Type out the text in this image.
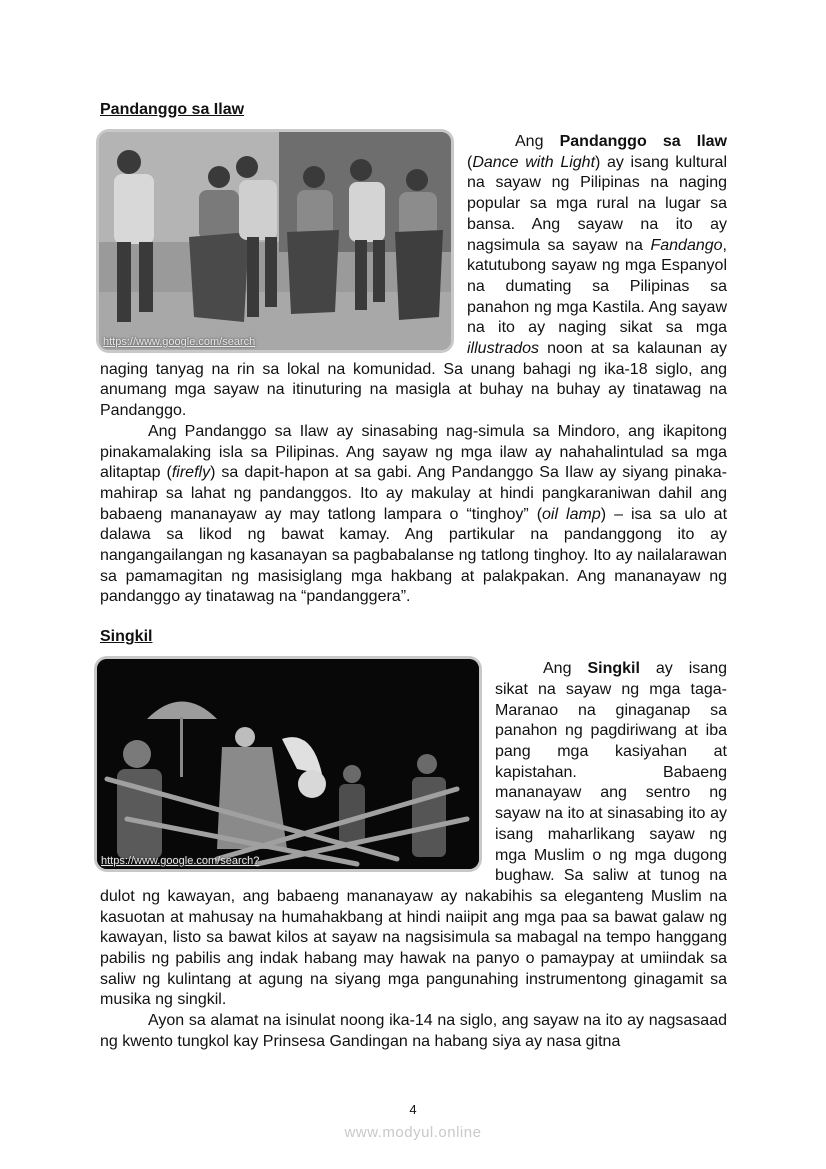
Pandanggo sa Ilaw
https://www.google.com/search

Ang Pandanggo sa Ilaw (Dance with Light) ay isang kultural na sayaw ng Pilipinas na naging popular sa mga rural na lugar sa bansa. Ang sayaw na ito ay nagsimula sa sayaw na Fandango, katutubong sayaw ng mga Espanyol na dumating sa Pilipinas sa panahon ng mga Kastila. Ang sayaw na ito ay naging sikat sa mga illustrados noon at sa kalaunan ay naging tanyag na rin sa lokal na komunidad. Sa unang bahagi ng ika-18 siglo, ang anumang mga sayaw na itinuturing na masigla at buhay na buhay ay tinatawag na Pandanggo.

Ang Pandanggo sa Ilaw ay sinasabing nag-simula sa Mindoro, ang ikapitong pinakamalaking isla sa Pilipinas. Ang sayaw ng mga ilaw ay nahahalintulad sa mga alitaptap (firefly) sa dapit-hapon at sa gabi. Ang Pandanggo Sa Ilaw ay siyang pinaka-mahirap sa lahat ng pandanggos. Ito ay makulay at hindi pangkaraniwan dahil ang babaeng mananayaw ay may tatlong lampara o “tinghoy” (oil lamp) – isa sa ulo at dalawa sa likod ng bawat kamay. Ang partikular na pandanggong ito ay nangangailangan ng kasanayan sa pagbabalanse ng tatlong tinghoy. Ito ay nailalarawan sa pamamagitan ng masisiglang mga hakbang at palakpakan. Ang mananayaw ng pandanggo ay tinatawag na “pandanggera”.

Singkil
https://www.google.com/search?

Ang Singkil ay isang sikat na sayaw ng mga taga-Maranao na ginaganap sa panahon ng pagdiriwang at iba pang mga kasiyahan at kapistahan. Babaeng mananayaw ang sentro ng sayaw na ito at sinasabing ito ay isang maharlikang sayaw ng mga Muslim o ng mga dugong bughaw. Sa saliw at tunog na dulot ng kawayan, ang babaeng mananayaw ay nakabihis sa eleganteng Muslim na kasuotan at mahusay na humahakbang at hindi naiipit ang mga paa sa bawat galaw ng kawayan, listo sa bawat kilos at sayaw na nagsisimula sa mabagal na tempo hanggang pabilis ng pabilis ang indak habang may hawak na panyo o pamaypay at umiindak sa saliw ng kulintang at agung na siyang mga pangunahing instrumentong ginagamit sa musika ng singkil.

Ayon sa alamat na isinulat noong ika-14 na siglo, ang sayaw na ito ay nagsasaad ng kwento tungkol kay Prinsesa Gandingan na habang siya ay nasa gitna

4
www.modyul.online
